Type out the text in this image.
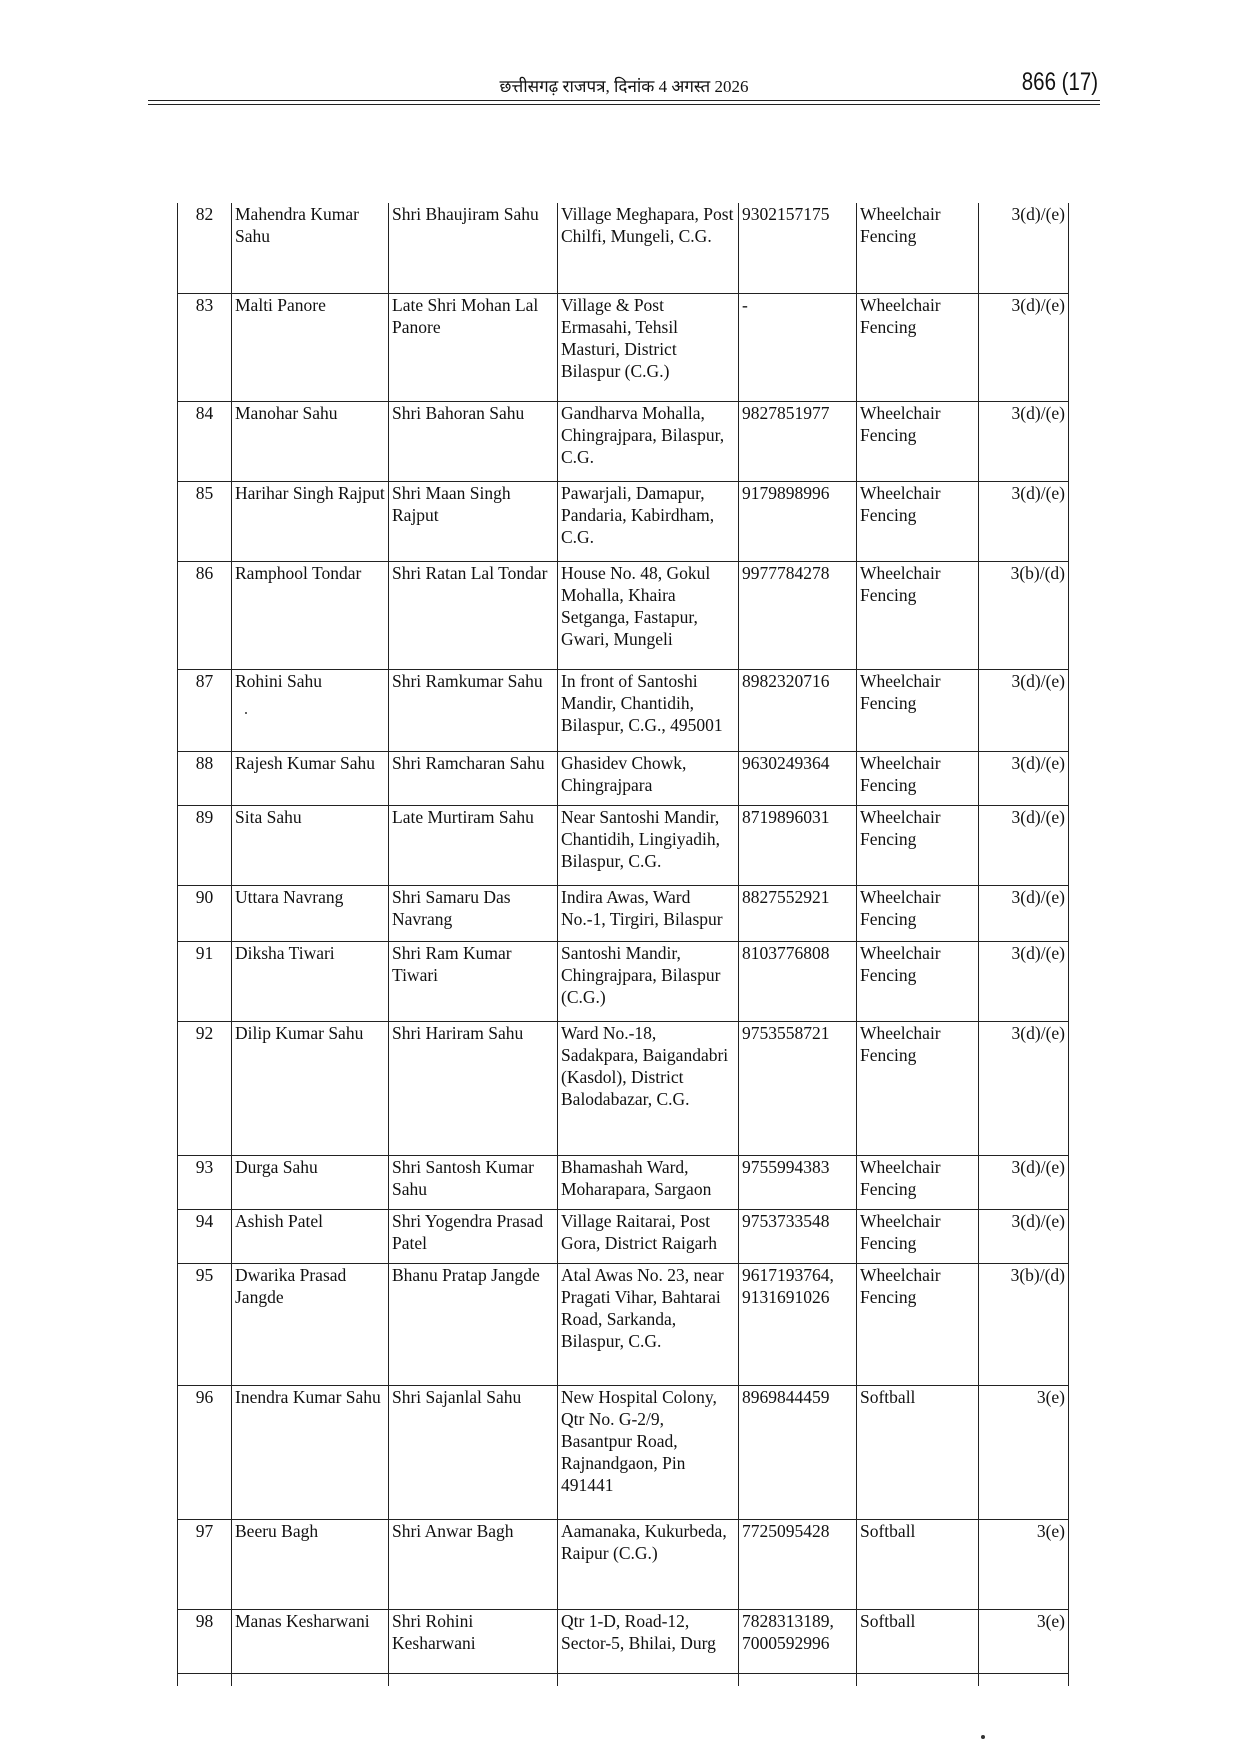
छत्तीसगढ़ राजपत्र, दिनांक 4 अगस्त 2026	866 (17)
82	Mahendra Kumar Sahu	Shri Bhaujiram Sahu	Village Meghapara, Post Chilfi, Mungeli, C.G.	9302157175	Wheelchair Fencing	3(d)/(e)
83	Malti Panore	Late Shri Mohan Lal Panore	Village & Post Ermasahi, Tehsil Masturi, District Bilaspur (C.G.)	-	Wheelchair Fencing	3(d)/(e)
84	Manohar Sahu	Shri Bahoran Sahu	Gandharva Mohalla, Chingrajpara, Bilaspur, C.G.	9827851977	Wheelchair Fencing	3(d)/(e)
85	Harihar Singh Rajput	Shri Maan Singh Rajput	Pawarjali, Damapur, Pandaria, Kabirdham, C.G.	9179898996	Wheelchair Fencing	3(d)/(e)
86	Ramphool Tondar	Shri Ratan Lal Tondar	House No. 48, Gokul Mohalla, Khaira Setganga, Fastapur, Gwari, Mungeli	9977784278	Wheelchair Fencing	3(b)/(d)
87	Rohini Sahu	Shri Ramkumar Sahu	In front of Santoshi Mandir, Chantidih, Bilaspur, C.G., 495001	8982320716	Wheelchair Fencing	3(d)/(e)
88	Rajesh Kumar Sahu	Shri Ramcharan Sahu	Ghasidev Chowk, Chingrajpara	9630249364	Wheelchair Fencing	3(d)/(e)
89	Sita Sahu	Late Murtiram Sahu	Near Santoshi Mandir, Chantidih, Lingiyadih, Bilaspur, C.G.	8719896031	Wheelchair Fencing	3(d)/(e)
90	Uttara Navrang	Shri Samaru Das Navrang	Indira Awas, Ward No.-1, Tirgiri, Bilaspur	8827552921	Wheelchair Fencing	3(d)/(e)
91	Diksha Tiwari	Shri Ram Kumar Tiwari	Santoshi Mandir, Chingrajpara, Bilaspur (C.G.)	8103776808	Wheelchair Fencing	3(d)/(e)
92	Dilip Kumar Sahu	Shri Hariram Sahu	Ward No.-18, Sadakpara, Baigandabri (Kasdol), District Balodabazar, C.G.	9753558721	Wheelchair Fencing	3(d)/(e)
93	Durga Sahu	Shri Santosh Kumar Sahu	Bhamashah Ward, Moharapara, Sargaon	9755994383	Wheelchair Fencing	3(d)/(e)
94	Ashish Patel	Shri Yogendra Prasad Patel	Village Raitarai, Post Gora, District Raigarh	9753733548	Wheelchair Fencing	3(d)/(e)
95	Dwarika Prasad Jangde	Bhanu Pratap Jangde	Atal Awas No. 23, near Pragati Vihar, Bahtarai Road, Sarkanda, Bilaspur, C.G.	9617193764, 9131691026	Wheelchair Fencing	3(b)/(d)
96	Inendra Kumar Sahu	Shri Sajanlal Sahu	New Hospital Colony, Qtr No. G-2/9, Basantpur Road, Rajnandgaon, Pin 491441	8969844459	Softball	3(e)
97	Beeru Bagh	Shri Anwar Bagh	Aamanaka, Kukurbeda, Raipur (C.G.)	7725095428	Softball	3(e)
98	Manas Kesharwani	Shri Rohini Kesharwani	Qtr 1-D, Road-12, Sector-5, Bhilai, Durg	7828313189, 7000592996	Softball	3(e)
